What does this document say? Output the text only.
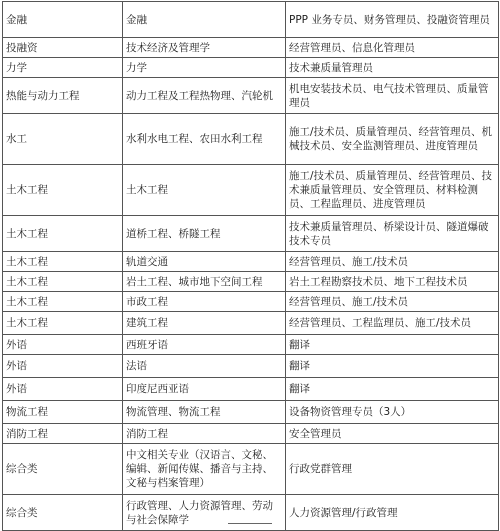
金融	金融	PPP 业务专员、财务管理员、投融资管理员
投融资	技术经济及管理学	经营管理员、信息化管理员
力学	力学	技术兼质量管理员
热能与动力工程	动力工程及工程热物理、汽轮机	机电安装技术员、电气技术管理员、质量管理员
水工	水利水电工程、农田水利工程	施工/技术员、质量管理员、经营管理员、机械技术员、安全监测管理员、进度管理员
土木工程	土木工程	施工/技术员、质量管理员、经营管理员、技术兼质量管理员、安全管理员、材料检测员、工程监理员、进度管理员
土木工程	道桥工程、桥隧工程	技术兼质量管理员、桥梁设计员、隧道爆破技术专员
土木工程	轨道交通	经营管理员、施工/技术员
土木工程	岩土工程、城市地下空间工程	岩土工程勘察技术员、地下工程技术员
土木工程	市政工程	经营管理员、施工/技术员
土木工程	建筑工程	经营管理员、工程监理员、施工/技术员
外语	西班牙语	翻译
外语	法语	翻译
外语	印度尼西亚语	翻译
物流工程	物流管理、物流工程	设备物资管理专员（3人）
消防工程	消防工程	安全管理员
综合类	中文相关专业（汉语言、文秘、编辑、新闻传媒、播音与主持、文秘与档案管理）	行政党群管理
综合类	行政管理、人力资源管理、劳动与社会保障学	人力资源管理/行政管理
